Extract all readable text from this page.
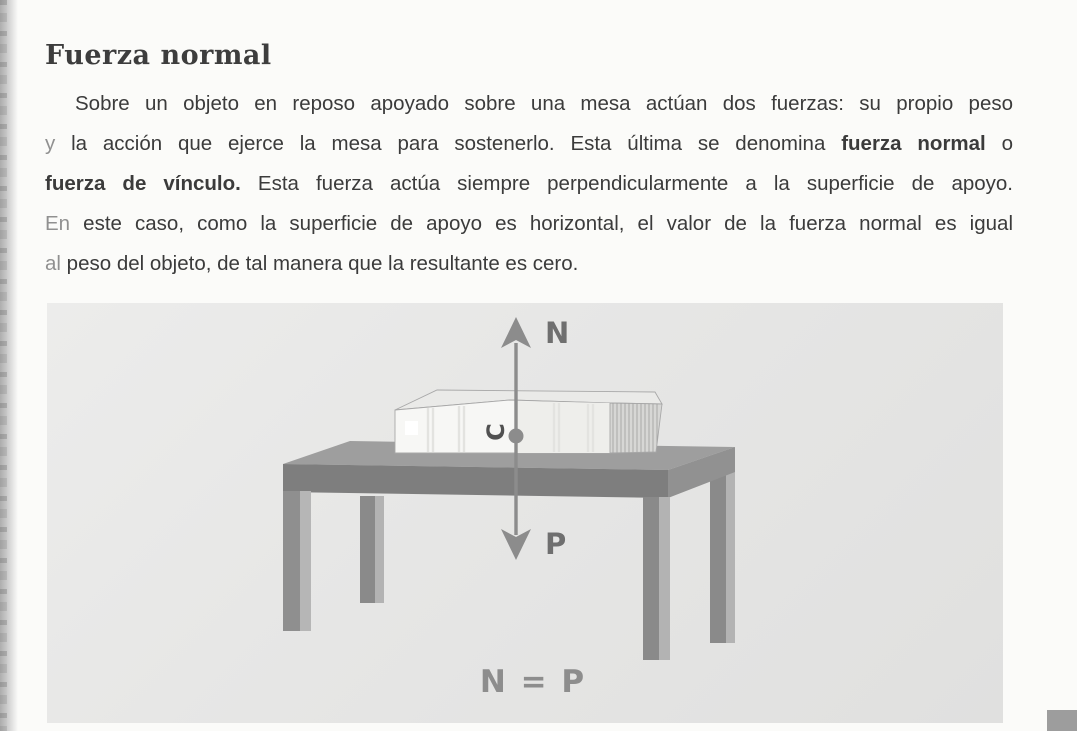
Fuerza normal
Sobre un objeto en reposo apoyado sobre una mesa actúan dos fuerzas: su propio peso
y la acción que ejerce la mesa para sostenerlo. Esta última se denomina fuerza normal o
fuerza de vínculo. Esta fuerza actúa siempre perpendicularmente a la superficie de apoyo.
En este caso, como la superficie de apoyo es horizontal, el valor de la fuerza normal es igual
al peso del objeto, de tal manera que la resultante es cero.
C
N
P
N = P
